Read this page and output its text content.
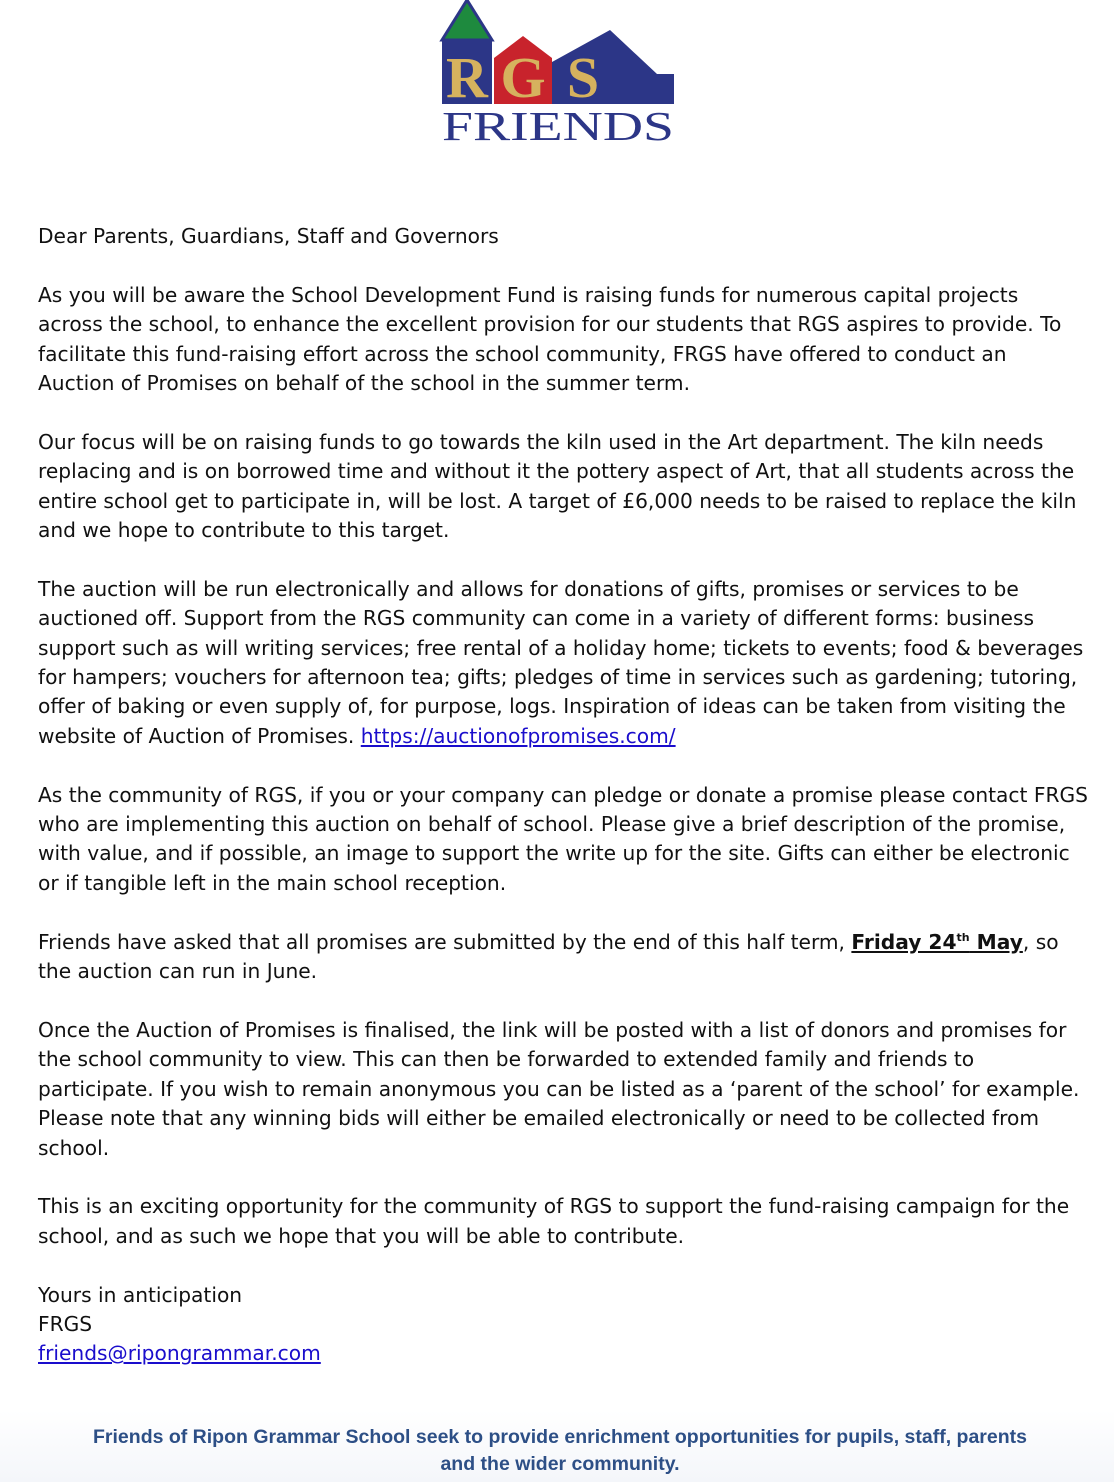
R G S
FRIENDS

Dear Parents, Guardians, Staff and Governors

As you will be aware the School Development Fund is raising funds for numerous capital projects across the school, to enhance the excellent provision for our students that RGS aspires to provide. To facilitate this fund-raising effort across the school community, FRGS have offered to conduct an Auction of Promises on behalf of the school in the summer term.

Our focus will be on raising funds to go towards the kiln used in the Art department. The kiln needs replacing and is on borrowed time and without it the pottery aspect of Art, that all students across the entire school get to participate in, will be lost. A target of £6,000 needs to be raised to replace the kiln and we hope to contribute to this target.

The auction will be run electronically and allows for donations of gifts, promises or services to be auctioned off. Support from the RGS community can come in a variety of different forms: business support such as will writing services; free rental of a holiday home; tickets to events; food & beverages for hampers; vouchers for afternoon tea; gifts; pledges of time in services such as gardening; tutoring, offer of baking or even supply of, for purpose, logs. Inspiration of ideas can be taken from visiting the website of Auction of Promises. https://auctionofpromises.com/

As the community of RGS, if you or your company can pledge or donate a promise please contact FRGS who are implementing this auction on behalf of school. Please give a brief description of the promise, with value, and if possible, an image to support the write up for the site. Gifts can either be electronic or if tangible left in the main school reception.

Friends have asked that all promises are submitted by the end of this half term, Friday 24th May, so the auction can run in June.

Once the Auction of Promises is finalised, the link will be posted with a list of donors and promises for the school community to view. This can then be forwarded to extended family and friends to participate. If you wish to remain anonymous you can be listed as a ‘parent of the school’ for example. Please note that any winning bids will either be emailed electronically or need to be collected from school.

This is an exciting opportunity for the community of RGS to support the fund-raising campaign for the school, and as such we hope that you will be able to contribute.

Yours in anticipation

FRGS

friends@ripongrammar.com

Friends of Ripon Grammar School seek to provide enrichment opportunities for pupils, staff, parents
and the wider community.
